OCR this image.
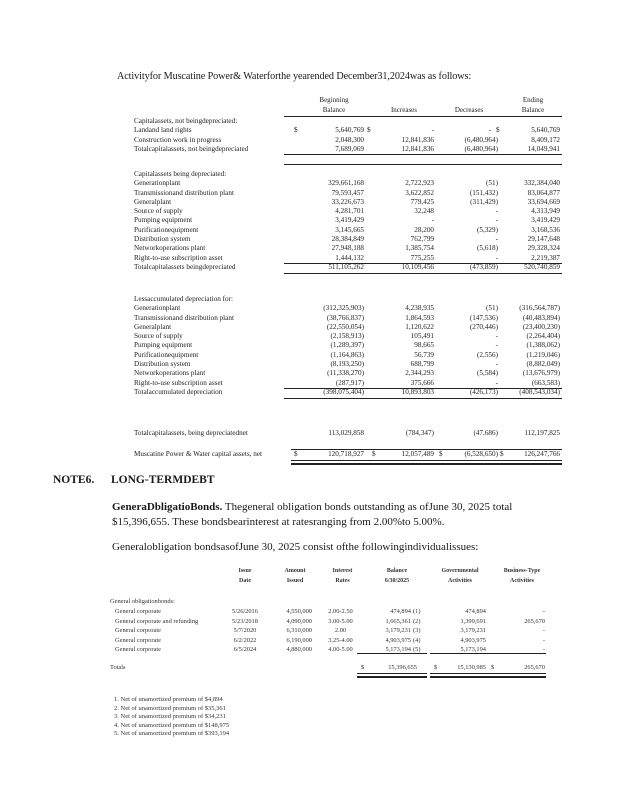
Activityfor Muscatine Power& Waterforthe yearended December31,2024was as follows:
Beginning
Balance	Increases	Decreases
Ending
Balance
Capitalassets, not beingdepreciated:
Landand land rights	$	5,640,769 $	-	- $	5,640,769
Construction work in progress	2,048,300	12,841,836	(6,480,964)	8,409,172
Totalcapitalassets, not beingdepreciated	7,689,069	12,841,836	(6,480,964)	14,049,941
Capitalassets being depreciated:
Generationplant	329,661,168	2,722,923	(51)	332,384,040
Transmissionand distribution plant	79,593,457	3,622,852	(151,432)	83,064,877
Generalplant	33,226,673	779,425	(311,429)	33,694,669
Source of supply	4,281,701	32,248	-	4,313,949
Pumping equipment	3,419,429	-	-	3,419,429
Purificationequipment	3,145,665	28,200	(5,329)	3,168,536
Distribution system	28,384,849	762,799	-	29,147,648
Networkoperations plant	27,948,188	1,385,754	(5,618)	29,328,324
Right-to-use subscription asset	1,444,132	775,255	-	2,219,387
Totalcapitalassets beingdepreciated	511,105,262	10,109,456	(473,859)	520,740,859
Lessaccumulated depreciation for:
Generationplant	(312,325,903)	4,238,935	(51)	(316,564,787)
Transmissionand distribution plant	(38,766,837)	1,864,593	(147,536)	(40,483,894)
Generalplant	(22,550,054)	1,120,622	(270,446)	(23,400,230)
Source of supply	(2,158,913)	105,491	-	(2,264,404)
Pumping equipment	(1,289,397)	98,665	-	(1,388,062)
Purificationequipment	(1,164,863)	56,739	(2,556)	(1,219,046)
Distribution system	(8,193,250)	688,799	-	(8,882,049)
Networkoperations plant	(11,338,270)	2,344,293	(5,584)	(13,676,979)
Right-to-use subscription asset	(287,917)	375,666	-	(663,583)
Totalaccumulated depreciation	(398,075,404)	10,893,803	(426,173)	(408,543,034)
Totalcapitalassets, being depreciatednet	113,029,858	(784,347)	(47,686)	112,197,825
Muscatine Power & Water capital assets, net	$	120,718,927 $	12,057,489 $	(6,528,650) $	126,247,766
NOTE6. LONG-TERMDEBT
GeneraDbligatioBonds. Thegeneral obligation bonds outstanding as ofJune 30, 2025 total
$15,396,655. These bondsbearinterest at ratesranging from 2.00%to 5.00%.
Generalobligation bondsasofJune 30, 2025 consist ofthe followingindividualissues:
Issue
Date
Amount
Issued
Interest
Rates
Balance
6/30/2025
Governmental
Activities
Business-Type
Activities
General obligationbonds:
General corporate	5/26/2016	4,550,000	2.00-2.50	474,894 (1)	474,894	-
General corporate and refunding	5/23/2018	4,090,000	3.00-5.00	1,665,361 (2)	1,399,691	265,670
General corporate	5/7/2020	6,310,000	2.00	3,179,231 (3)	3,179,231	-
General corporate	6/2/2022	6,190,000	3.25-4.00	4,903,975 (4)	4,903,975	-
General corporate	6/5/2024	4,880,000	4.00-5.00	5,173,194 (5)	5,173,194	-
Totals	$	15,396,655	$	15,130,985 $	265,670
1. Net of unamortized premium of $4,894
2. Net of unamortized premium of $35,361
3. Net of unamortized premium of $34,231
4. Net of unamortized premium of $148,975
5. Net of unamortized premium of $393,194
